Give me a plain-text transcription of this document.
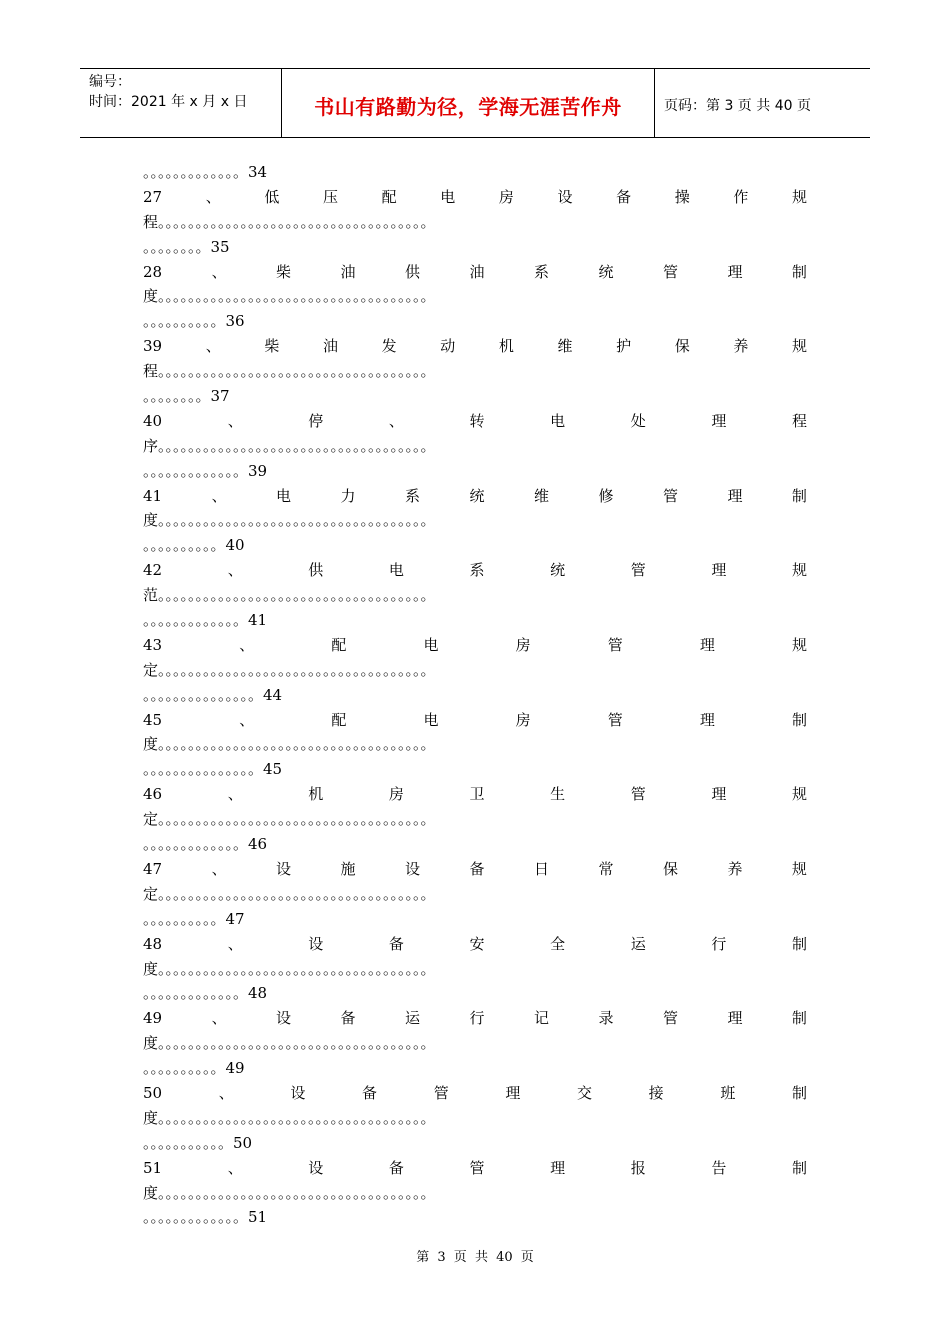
编号：
时间：2021 年 x 月 x 日	书山有路勤为径，学海无涯苦作舟	页码：第 3 页 共 40 页
。。。。。。。。。。。。。34
27	、	低	压	配	电	房	设	备	操	作	规
程。。。。。。。。。。。。。。。。。。。。。。。。。。。。。。。。。。。。
。。。。。。。。35
28	、	柴	油	供	油	系	统	管	理	制
度。。。。。。。。。。。。。。。。。。。。。。。。。。。。。。。。。。。。
。。。。。。。。。。36
39	、	柴	油	发	动	机	维	护	保	养	规
程。。。。。。。。。。。。。。。。。。。。。。。。。。。。。。。。。。。。
。。。。。。。。37
40	、	停	、	转	电	处	理	程
序。。。。。。。。。。。。。。。。。。。。。。。。。。。。。。。。。。。。
。。。。。。。。。。。。。39
41	、	电	力	系	统	维	修	管	理	制
度。。。。。。。。。。。。。。。。。。。。。。。。。。。。。。。。。。。。
。。。。。。。。。。40
42	、	供	电	系	统	管	理	规
范。。。。。。。。。。。。。。。。。。。。。。。。。。。。。。。。。。。。
。。。。。。。。。。。。。41
43	、	配	电	房	管	理	规
定。。。。。。。。。。。。。。。。。。。。。。。。。。。。。。。。。。。。
。。。。。。。。。。。。。。。44
45	、	配	电	房	管	理	制
度。。。。。。。。。。。。。。。。。。。。。。。。。。。。。。。。。。。。
。。。。。。。。。。。。。。。45
46	、	机	房	卫	生	管	理	规
定。。。。。。。。。。。。。。。。。。。。。。。。。。。。。。。。。。。。
。。。。。。。。。。。。。46
47	、	设	施	设	备	日	常	保	养	规
定。。。。。。。。。。。。。。。。。。。。。。。。。。。。。。。。。。。。
。。。。。。。。。。47
48	、	设	备	安	全	运	行	制
度。。。。。。。。。。。。。。。。。。。。。。。。。。。。。。。。。。。。
。。。。。。。。。。。。。48
49	、	设	备	运	行	记	录	管	理	制
度。。。。。。。。。。。。。。。。。。。。。。。。。。。。。。。。。。。。
。。。。。。。。。。49
50	、	设	备	管	理	交	接	班	制
度。。。。。。。。。。。。。。。。。。。。。。。。。。。。。。。。。。。。
。。。。。。。。。。。50
51	、	设	备	管	理	报	告	制
度。。。。。。。。。。。。。。。。。。。。。。。。。。。。。。。。。。。。
。。。。。。。。。。。。。51
第 3 页 共 40 页
